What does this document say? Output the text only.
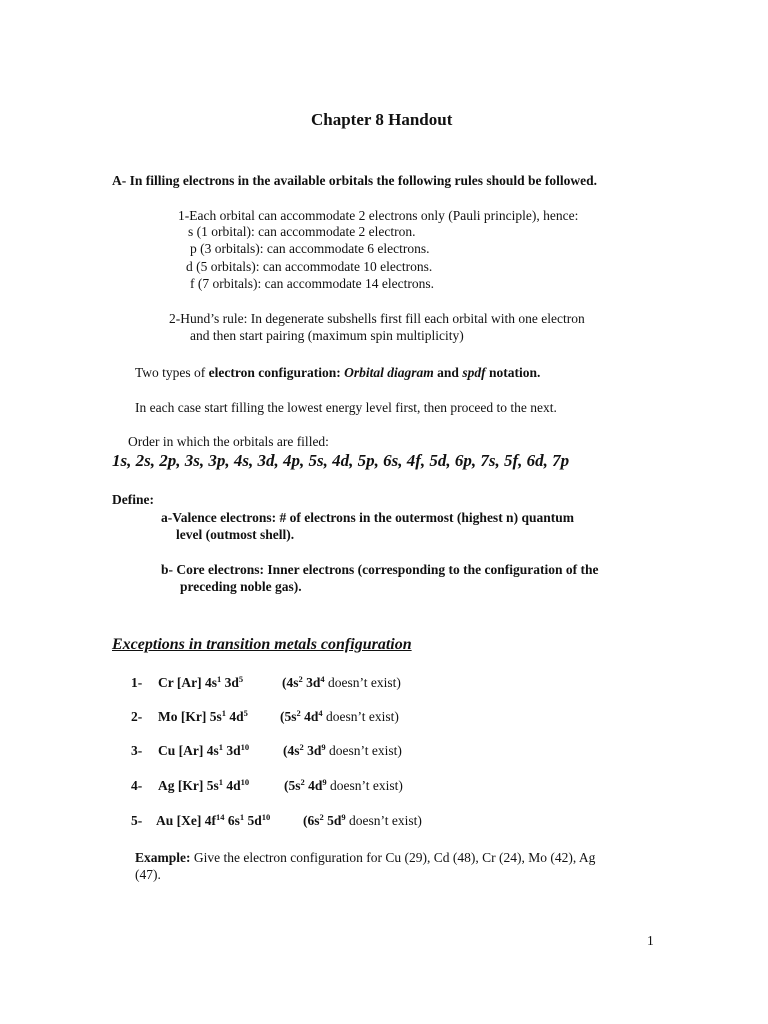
Chapter 8 Handout
A- In filling electrons in the available orbitals the following rules should be followed.
1-Each orbital can accommodate 2 electrons only (Pauli principle), hence:
s (1 orbital): can accommodate 2 electron.
p (3 orbitals): can accommodate 6 electrons.
d (5 orbitals): can accommodate 10 electrons.
f (7 orbitals): can accommodate 14 electrons.
2-Hund’s rule: In degenerate subshells first fill each orbital with one electron
and then start pairing (maximum spin multiplicity)
Two types of electron configuration: Orbital diagram and spdf notation.
In each case start filling the lowest energy level first, then proceed to the next.
Order in which the orbitals are filled:
1s, 2s, 2p, 3s, 3p, 4s, 3d, 4p, 5s, 4d, 5p, 6s, 4f, 5d, 6p, 7s, 5f, 6d, 7p
Define:
a-Valence electrons: # of electrons in the outermost (highest n) quantum
level (outmost shell).
b- Core electrons: Inner electrons (corresponding to the configuration of the
preceding noble gas).
Exceptions in transition metals configuration
1- Cr [Ar] $4s^1$ $3d^5$	($4s^2$ $3d^4$ doesn’t exist)
2- Mo [Kr] $5s^1$ $4d^5$ ($5s^2$ $4d^4$ doesn’t exist)
3- Cu [Ar] $4s^1$ $3d^{10}$	($4s^2$ $3d^9$ doesn’t exist)
4- Ag [Kr] $5s^1$ $4d^{10}$	($5s^2$ $4d^9$ doesn’t exist)
5- Au [Xe] $4f^{14}$ $6s^1$ $5d^{10}$ ($6s^2$ $5d^9$ doesn’t exist)
Example: Give the electron configuration for Cu (29), Cd (48), Cr (24), Mo (42), Ag
(47).
1
